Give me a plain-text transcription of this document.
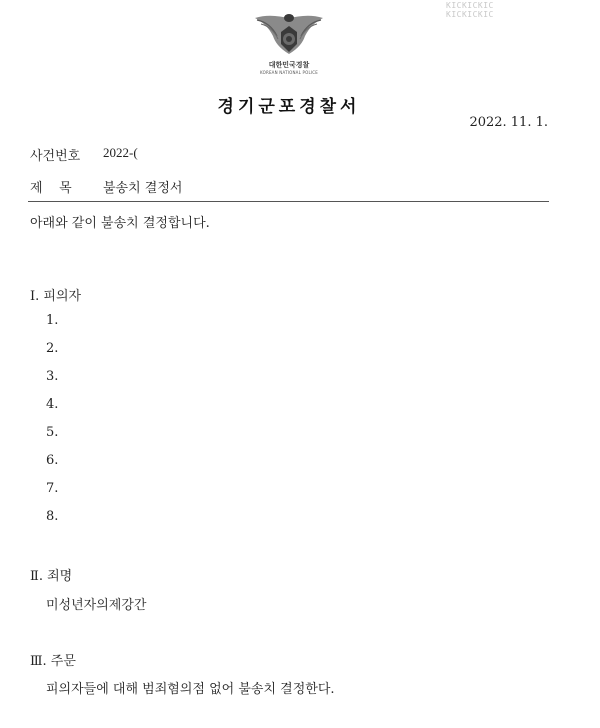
KICKICKIC
KICKICKIC
대한민국경찰
KOREAN NATIONAL POLICE
경기군포경찰서
2022. 11. 1.
사건번호 2022-(
제    목 불송치 결정서
아래와 같이 불송치 결정합니다.
Ⅰ. 피의자
1.
2.
3.
4.
5.
6.
7.
8.
Ⅱ. 죄명
미성년자의제강간
Ⅲ. 주문
피의자들에 대해 범죄혐의점 없어 불송치 결정한다.
